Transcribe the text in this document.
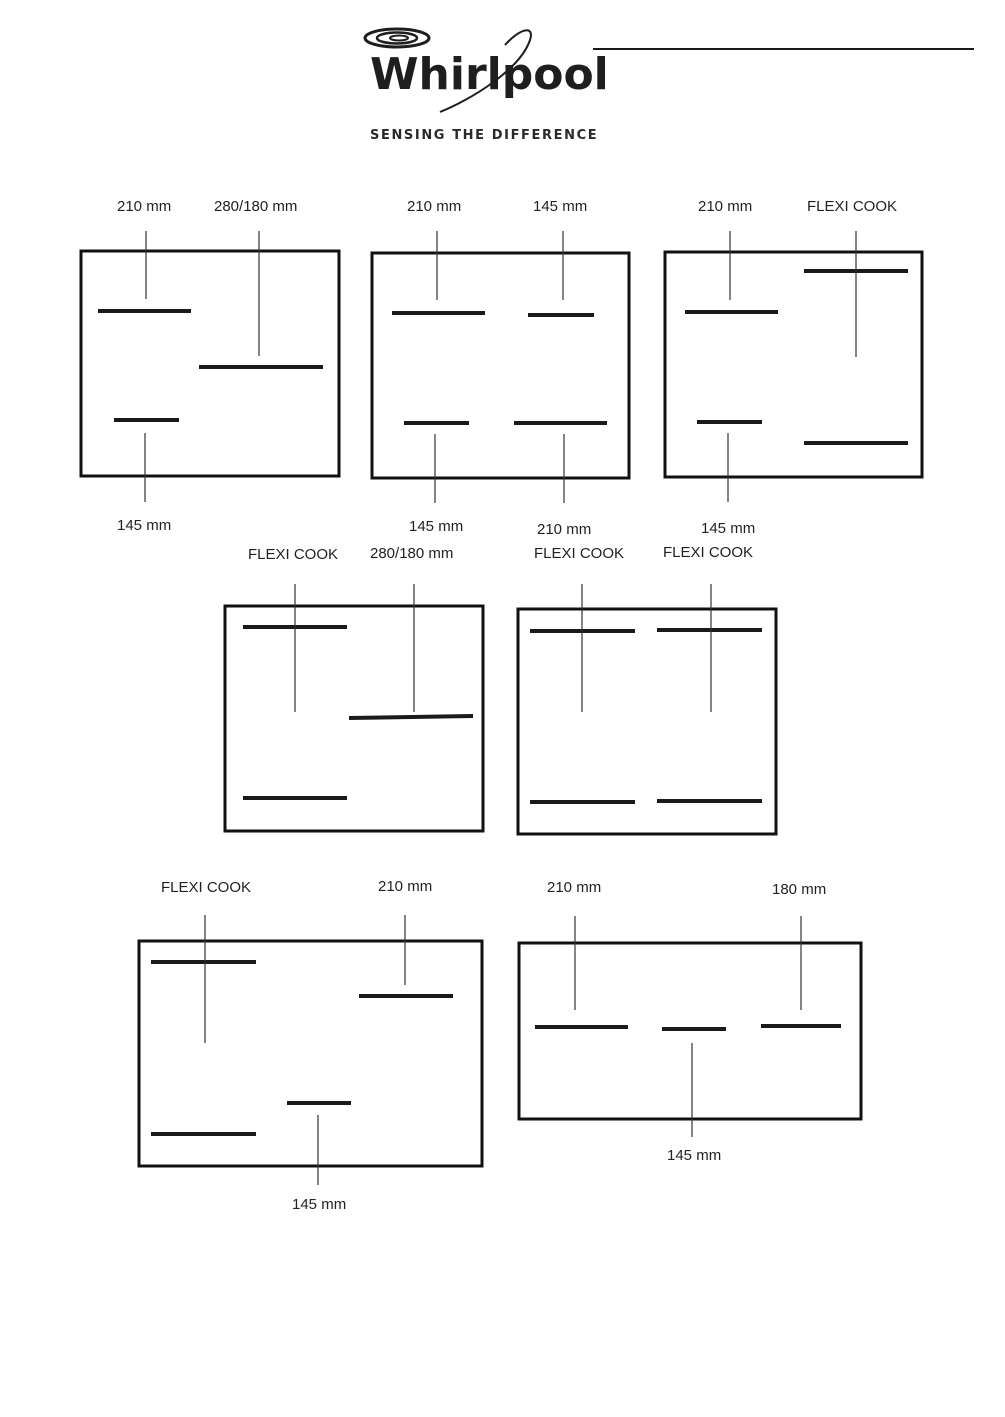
Whirlpool
SENSING THE DIFFERENCE
210 mm	280/180 mm
145 mm
210 mm	145 mm
145 mm	210 mm
210 mm	FLEXI COOK
145 mm
FLEXI COOK 280/180 mm	FLEXI COOK	FLEXI COOK
FLEXI COOK	210 mm
145 mm
210 mm	180 mm
145 mm
